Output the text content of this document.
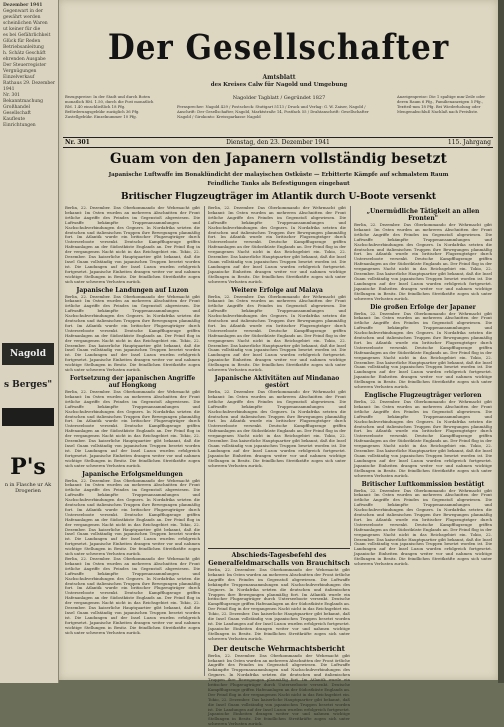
Dezember 1941
Gegenwart in der
gewährt werden
scheinlichen Waren
ut keiner für die
es bei Gefährlichkeit
Glück für Reden
Betriebsanleitung
h. Schätz Geschäft
ehrenden Ausgabe
Der Steuerregister
Vergnügungen
Einzelverkauf
Rathaus 29. Dezember
1941
Nr. 301
Bekanntmachung
Großhandel
Gesellschaft
Kaufleute
Einrichtungen
Nagold
s Berges"
P's
n in Flasche ur Ak Drogerien
Der Gesellschafter
Amtsblatt
des Kreises Calw für Nagold und Umgebung
Nagolder Tagblatt / Gegründet 1827
Bezugspreise: In der Stadt und durch Boten monatlich RM. 1.50, durch die Post monatlich RM. 1.40 einschließlich 18 Pfg. Beförderungsgebühr zuzüglich 36 Pfg. Zustellgebühr. Einzelnummer 10 Pfg.
Fernsprecher: Nagold 429 / Postscheck: Stuttgart 5113 / Druck und Verlag: G. W. Zaiser, Nagold / Anschrift: Der Gesellschafter, Nagold, Marktstraße 14, Postfach 55 / Drahtanschrift: Gesellschafter Nagold / Girokonto: Kreissparkasse Nagold
Anzeigenpreise: Die 1 spaltige mm-Zeile oder deren Raum 6 Pfg., Familienanzeigen 5 Pfg., Textteil-mm 18 Pfg. Bei Wiederholung oder Mengenabschluß Nachlaß nach Preisliste.
Nr. 301	Dienstag, den 23. Dezember 1941	115. Jahrgang
Guam von den Japanern vollständig besetzt
Japanische Luftwaffe im Bonaklündicht der malayischen Ostküste — Erbitterte Kämpfe auf schmalstem Raum
Feindliche Tanks als Befestigungen eingebaut
Britischer Flugzeugträger im Atlantik durch U-Boote versenkt
Berlin, 22. Dezember. Das Oberkommando der Wehrmacht gibt bekannt: Im Osten wurden an mehreren Abschnitten der Front örtliche Angriffe des Feindes im Gegenstoß abgewiesen. Die Luftwaffe bekämpfte Truppenansammlungen und Nachschubverbindungen des Gegners. In Nordafrika setzten die deutschen und italienischen Truppen ihre Bewegungen planmäßig fort. Im Atlantik wurde ein britischer Flugzeugträger durch Unterseeboote versenkt. Deutsche Kampfflugzeuge griffen Hafenanlagen an der Südostküste Englands an. Der Feind flog in der vergangenen Nacht nicht in das Reichsgebiet ein. Tokio, 22. Dezember. Das kaiserliche Hauptquartier gibt bekannt, daß die Insel Guam vollständig von japanischen Truppen besetzt worden ist. Die Landungen auf der Insel Luzon wurden erfolgreich fortgesetzt. Japanische Einheiten drangen weiter vor und nahmen wichtige Stellungen in Besitz. Die feindlichen Streitkräfte zogen sich unter schweren Verlusten zurück.
Japanische Landungen auf Luzon
Berlin, 22. Dezember. Das Oberkommando der Wehrmacht gibt bekannt: Im Osten wurden an mehreren Abschnitten der Front örtliche Angriffe des Feindes im Gegenstoß abgewiesen. Die Luftwaffe bekämpfte Truppenansammlungen und Nachschubverbindungen des Gegners. In Nordafrika setzten die deutschen und italienischen Truppen ihre Bewegungen planmäßig fort. Im Atlantik wurde ein britischer Flugzeugträger durch Unterseeboote versenkt. Deutsche Kampfflugzeuge griffen Hafenanlagen an der Südostküste Englands an. Der Feind flog in der vergangenen Nacht nicht in das Reichsgebiet ein. Tokio, 22. Dezember. Das kaiserliche Hauptquartier gibt bekannt, daß die Insel Guam vollständig von japanischen Truppen besetzt worden ist. Die Landungen auf der Insel Luzon wurden erfolgreich fortgesetzt. Japanische Einheiten drangen weiter vor und nahmen wichtige Stellungen in Besitz. Die feindlichen Streitkräfte zogen sich unter schweren Verlusten zurück.
Fortsetzung der japanischen Angriffe auf Hongkong
Berlin, 22. Dezember. Das Oberkommando der Wehrmacht gibt bekannt: Im Osten wurden an mehreren Abschnitten der Front örtliche Angriffe des Feindes im Gegenstoß abgewiesen. Die Luftwaffe bekämpfte Truppenansammlungen und Nachschubverbindungen des Gegners. In Nordafrika setzten die deutschen und italienischen Truppen ihre Bewegungen planmäßig fort. Im Atlantik wurde ein britischer Flugzeugträger durch Unterseeboote versenkt. Deutsche Kampfflugzeuge griffen Hafenanlagen an der Südostküste Englands an. Der Feind flog in der vergangenen Nacht nicht in das Reichsgebiet ein. Tokio, 22. Dezember. Das kaiserliche Hauptquartier gibt bekannt, daß die Insel Guam vollständig von japanischen Truppen besetzt worden ist. Die Landungen auf der Insel Luzon wurden erfolgreich fortgesetzt. Japanische Einheiten drangen weiter vor und nahmen wichtige Stellungen in Besitz. Die feindlichen Streitkräfte zogen sich unter schweren Verlusten zurück.
Japanische Erfolgsmeldungen
Berlin, 22. Dezember. Das Oberkommando der Wehrmacht gibt bekannt: Im Osten wurden an mehreren Abschnitten der Front örtliche Angriffe des Feindes im Gegenstoß abgewiesen. Die Luftwaffe bekämpfte Truppenansammlungen und Nachschubverbindungen des Gegners. In Nordafrika setzten die deutschen und italienischen Truppen ihre Bewegungen planmäßig fort. Im Atlantik wurde ein britischer Flugzeugträger durch Unterseeboote versenkt. Deutsche Kampfflugzeuge griffen Hafenanlagen an der Südostküste Englands an. Der Feind flog in der vergangenen Nacht nicht in das Reichsgebiet ein. Tokio, 22. Dezember. Das kaiserliche Hauptquartier gibt bekannt, daß die Insel Guam vollständig von japanischen Truppen besetzt worden ist. Die Landungen auf der Insel Luzon wurden erfolgreich fortgesetzt. Japanische Einheiten drangen weiter vor und nahmen wichtige Stellungen in Besitz. Die feindlichen Streitkräfte zogen sich unter schweren Verlusten zurück.
Berlin, 22. Dezember. Das Oberkommando der Wehrmacht gibt bekannt: Im Osten wurden an mehreren Abschnitten der Front örtliche Angriffe des Feindes im Gegenstoß abgewiesen. Die Luftwaffe bekämpfte Truppenansammlungen und Nachschubverbindungen des Gegners. In Nordafrika setzten die deutschen und italienischen Truppen ihre Bewegungen planmäßig fort. Im Atlantik wurde ein britischer Flugzeugträger durch Unterseeboote versenkt. Deutsche Kampfflugzeuge griffen Hafenanlagen an der Südostküste Englands an. Der Feind flog in der vergangenen Nacht nicht in das Reichsgebiet ein. Tokio, 22. Dezember. Das kaiserliche Hauptquartier gibt bekannt, daß die Insel Guam vollständig von japanischen Truppen besetzt worden ist. Die Landungen auf der Insel Luzon wurden erfolgreich fortgesetzt. Japanische Einheiten drangen weiter vor und nahmen wichtige Stellungen in Besitz. Die feindlichen Streitkräfte zogen sich unter schweren Verlusten zurück.
Berlin, 22. Dezember. Das Oberkommando der Wehrmacht gibt bekannt: Im Osten wurden an mehreren Abschnitten der Front örtliche Angriffe des Feindes im Gegenstoß abgewiesen. Die Luftwaffe bekämpfte Truppenansammlungen und Nachschubverbindungen des Gegners. In Nordafrika setzten die deutschen und italienischen Truppen ihre Bewegungen planmäßig fort. Im Atlantik wurde ein britischer Flugzeugträger durch Unterseeboote versenkt. Deutsche Kampfflugzeuge griffen Hafenanlagen an der Südostküste Englands an. Der Feind flog in der vergangenen Nacht nicht in das Reichsgebiet ein. Tokio, 22. Dezember. Das kaiserliche Hauptquartier gibt bekannt, daß die Insel Guam vollständig von japanischen Truppen besetzt worden ist. Die Landungen auf der Insel Luzon wurden erfolgreich fortgesetzt. Japanische Einheiten drangen weiter vor und nahmen wichtige Stellungen in Besitz. Die feindlichen Streitkräfte zogen sich unter schweren Verlusten zurück.
Weitere Erfolge auf Malaya
Berlin, 22. Dezember. Das Oberkommando der Wehrmacht gibt bekannt: Im Osten wurden an mehreren Abschnitten der Front örtliche Angriffe des Feindes im Gegenstoß abgewiesen. Die Luftwaffe bekämpfte Truppenansammlungen und Nachschubverbindungen des Gegners. In Nordafrika setzten die deutschen und italienischen Truppen ihre Bewegungen planmäßig fort. Im Atlantik wurde ein britischer Flugzeugträger durch Unterseeboote versenkt. Deutsche Kampfflugzeuge griffen Hafenanlagen an der Südostküste Englands an. Der Feind flog in der vergangenen Nacht nicht in das Reichsgebiet ein. Tokio, 22. Dezember. Das kaiserliche Hauptquartier gibt bekannt, daß die Insel Guam vollständig von japanischen Truppen besetzt worden ist. Die Landungen auf der Insel Luzon wurden erfolgreich fortgesetzt. Japanische Einheiten drangen weiter vor und nahmen wichtige Stellungen in Besitz. Die feindlichen Streitkräfte zogen sich unter schweren Verlusten zurück.
Japanische Aktivitäten auf Mindanao gestört
Berlin, 22. Dezember. Das Oberkommando der Wehrmacht gibt bekannt: Im Osten wurden an mehreren Abschnitten der Front örtliche Angriffe des Feindes im Gegenstoß abgewiesen. Die Luftwaffe bekämpfte Truppenansammlungen und Nachschubverbindungen des Gegners. In Nordafrika setzten die deutschen und italienischen Truppen ihre Bewegungen planmäßig fort. Im Atlantik wurde ein britischer Flugzeugträger durch Unterseeboote versenkt. Deutsche Kampfflugzeuge griffen Hafenanlagen an der Südostküste Englands an. Der Feind flog in der vergangenen Nacht nicht in das Reichsgebiet ein. Tokio, 22. Dezember. Das kaiserliche Hauptquartier gibt bekannt, daß die Insel Guam vollständig von japanischen Truppen besetzt worden ist. Die Landungen auf der Insel Luzon wurden erfolgreich fortgesetzt. Japanische Einheiten drangen weiter vor und nahmen wichtige Stellungen in Besitz. Die feindlichen Streitkräfte zogen sich unter schweren Verlusten zurück.
„Unermüdliche Tätigkeit an allen Fronten"
Berlin, 22. Dezember. Das Oberkommando der Wehrmacht gibt bekannt: Im Osten wurden an mehreren Abschnitten der Front örtliche Angriffe des Feindes im Gegenstoß abgewiesen. Die Luftwaffe bekämpfte Truppenansammlungen und Nachschubverbindungen des Gegners. In Nordafrika setzten die deutschen und italienischen Truppen ihre Bewegungen planmäßig fort. Im Atlantik wurde ein britischer Flugzeugträger durch Unterseeboote versenkt. Deutsche Kampfflugzeuge griffen Hafenanlagen an der Südostküste Englands an. Der Feind flog in der vergangenen Nacht nicht in das Reichsgebiet ein. Tokio, 22. Dezember. Das kaiserliche Hauptquartier gibt bekannt, daß die Insel Guam vollständig von japanischen Truppen besetzt worden ist. Die Landungen auf der Insel Luzon wurden erfolgreich fortgesetzt. Japanische Einheiten drangen weiter vor und nahmen wichtige Stellungen in Besitz. Die feindlichen Streitkräfte zogen sich unter schweren Verlusten zurück.
Die großen Erfolge der Japaner
Berlin, 22. Dezember. Das Oberkommando der Wehrmacht gibt bekannt: Im Osten wurden an mehreren Abschnitten der Front örtliche Angriffe des Feindes im Gegenstoß abgewiesen. Die Luftwaffe bekämpfte Truppenansammlungen und Nachschubverbindungen des Gegners. In Nordafrika setzten die deutschen und italienischen Truppen ihre Bewegungen planmäßig fort. Im Atlantik wurde ein britischer Flugzeugträger durch Unterseeboote versenkt. Deutsche Kampfflugzeuge griffen Hafenanlagen an der Südostküste Englands an. Der Feind flog in der vergangenen Nacht nicht in das Reichsgebiet ein. Tokio, 22. Dezember. Das kaiserliche Hauptquartier gibt bekannt, daß die Insel Guam vollständig von japanischen Truppen besetzt worden ist. Die Landungen auf der Insel Luzon wurden erfolgreich fortgesetzt. Japanische Einheiten drangen weiter vor und nahmen wichtige Stellungen in Besitz. Die feindlichen Streitkräfte zogen sich unter schweren Verlusten zurück.
Englische Flugzeugträger verloren
Berlin, 22. Dezember. Das Oberkommando der Wehrmacht gibt bekannt: Im Osten wurden an mehreren Abschnitten der Front örtliche Angriffe des Feindes im Gegenstoß abgewiesen. Die Luftwaffe bekämpfte Truppenansammlungen und Nachschubverbindungen des Gegners. In Nordafrika setzten die deutschen und italienischen Truppen ihre Bewegungen planmäßig fort. Im Atlantik wurde ein britischer Flugzeugträger durch Unterseeboote versenkt. Deutsche Kampfflugzeuge griffen Hafenanlagen an der Südostküste Englands an. Der Feind flog in der vergangenen Nacht nicht in das Reichsgebiet ein. Tokio, 22. Dezember. Das kaiserliche Hauptquartier gibt bekannt, daß die Insel Guam vollständig von japanischen Truppen besetzt worden ist. Die Landungen auf der Insel Luzon wurden erfolgreich fortgesetzt. Japanische Einheiten drangen weiter vor und nahmen wichtige Stellungen in Besitz. Die feindlichen Streitkräfte zogen sich unter schweren Verlusten zurück.
Britischer Luftkommission bestätigt
Berlin, 22. Dezember. Das Oberkommando der Wehrmacht gibt bekannt: Im Osten wurden an mehreren Abschnitten der Front örtliche Angriffe des Feindes im Gegenstoß abgewiesen. Die Luftwaffe bekämpfte Truppenansammlungen und Nachschubverbindungen des Gegners. In Nordafrika setzten die deutschen und italienischen Truppen ihre Bewegungen planmäßig fort. Im Atlantik wurde ein britischer Flugzeugträger durch Unterseeboote versenkt. Deutsche Kampfflugzeuge griffen Hafenanlagen an der Südostküste Englands an. Der Feind flog in der vergangenen Nacht nicht in das Reichsgebiet ein. Tokio, 22. Dezember. Das kaiserliche Hauptquartier gibt bekannt, daß die Insel Guam vollständig von japanischen Truppen besetzt worden ist. Die Landungen auf der Insel Luzon wurden erfolgreich fortgesetzt. Japanische Einheiten drangen weiter vor und nahmen wichtige Stellungen in Besitz. Die feindlichen Streitkräfte zogen sich unter schweren Verlusten zurück.
Abschieds-Tagesbefehl des Generalfeldmarschalls von Brauchitsch
Berlin, 22. Dezember. Das Oberkommando der Wehrmacht gibt bekannt: Im Osten wurden an mehreren Abschnitten der Front örtliche Angriffe des Feindes im Gegenstoß abgewiesen. Die Luftwaffe bekämpfte Truppenansammlungen und Nachschubverbindungen des Gegners. In Nordafrika setzten die deutschen und italienischen Truppen ihre Bewegungen planmäßig fort. Im Atlantik wurde ein britischer Flugzeugträger durch Unterseeboote versenkt. Deutsche Kampfflugzeuge griffen Hafenanlagen an der Südostküste Englands an. Der Feind flog in der vergangenen Nacht nicht in das Reichsgebiet ein. Tokio, 22. Dezember. Das kaiserliche Hauptquartier gibt bekannt, daß die Insel Guam vollständig von japanischen Truppen besetzt worden ist. Die Landungen auf der Insel Luzon wurden erfolgreich fortgesetzt. Japanische Einheiten drangen weiter vor und nahmen wichtige Stellungen in Besitz. Die feindlichen Streitkräfte zogen sich unter schweren Verlusten zurück.
Der deutsche Wehrmachtsbericht
Berlin, 22. Dezember. Das Oberkommando der Wehrmacht gibt bekannt: Im Osten wurden an mehreren Abschnitten der Front örtliche Angriffe des Feindes im Gegenstoß abgewiesen. Die Luftwaffe bekämpfte Truppenansammlungen und Nachschubverbindungen des Gegners. In Nordafrika setzten die deutschen und italienischen Truppen ihre Bewegungen planmäßig fort. Im Atlantik wurde ein britischer Flugzeugträger durch Unterseeboote versenkt. Deutsche Kampfflugzeuge griffen Hafenanlagen an der Südostküste Englands an. Der Feind flog in der vergangenen Nacht nicht in das Reichsgebiet ein. Tokio, 22. Dezember. Das kaiserliche Hauptquartier gibt bekannt, daß die Insel Guam vollständig von japanischen Truppen besetzt worden ist. Die Landungen auf der Insel Luzon wurden erfolgreich fortgesetzt. Japanische Einheiten drangen weiter vor und nahmen wichtige Stellungen in Besitz. Die feindlichen Streitkräfte zogen sich unter schweren Verlusten zurück.
